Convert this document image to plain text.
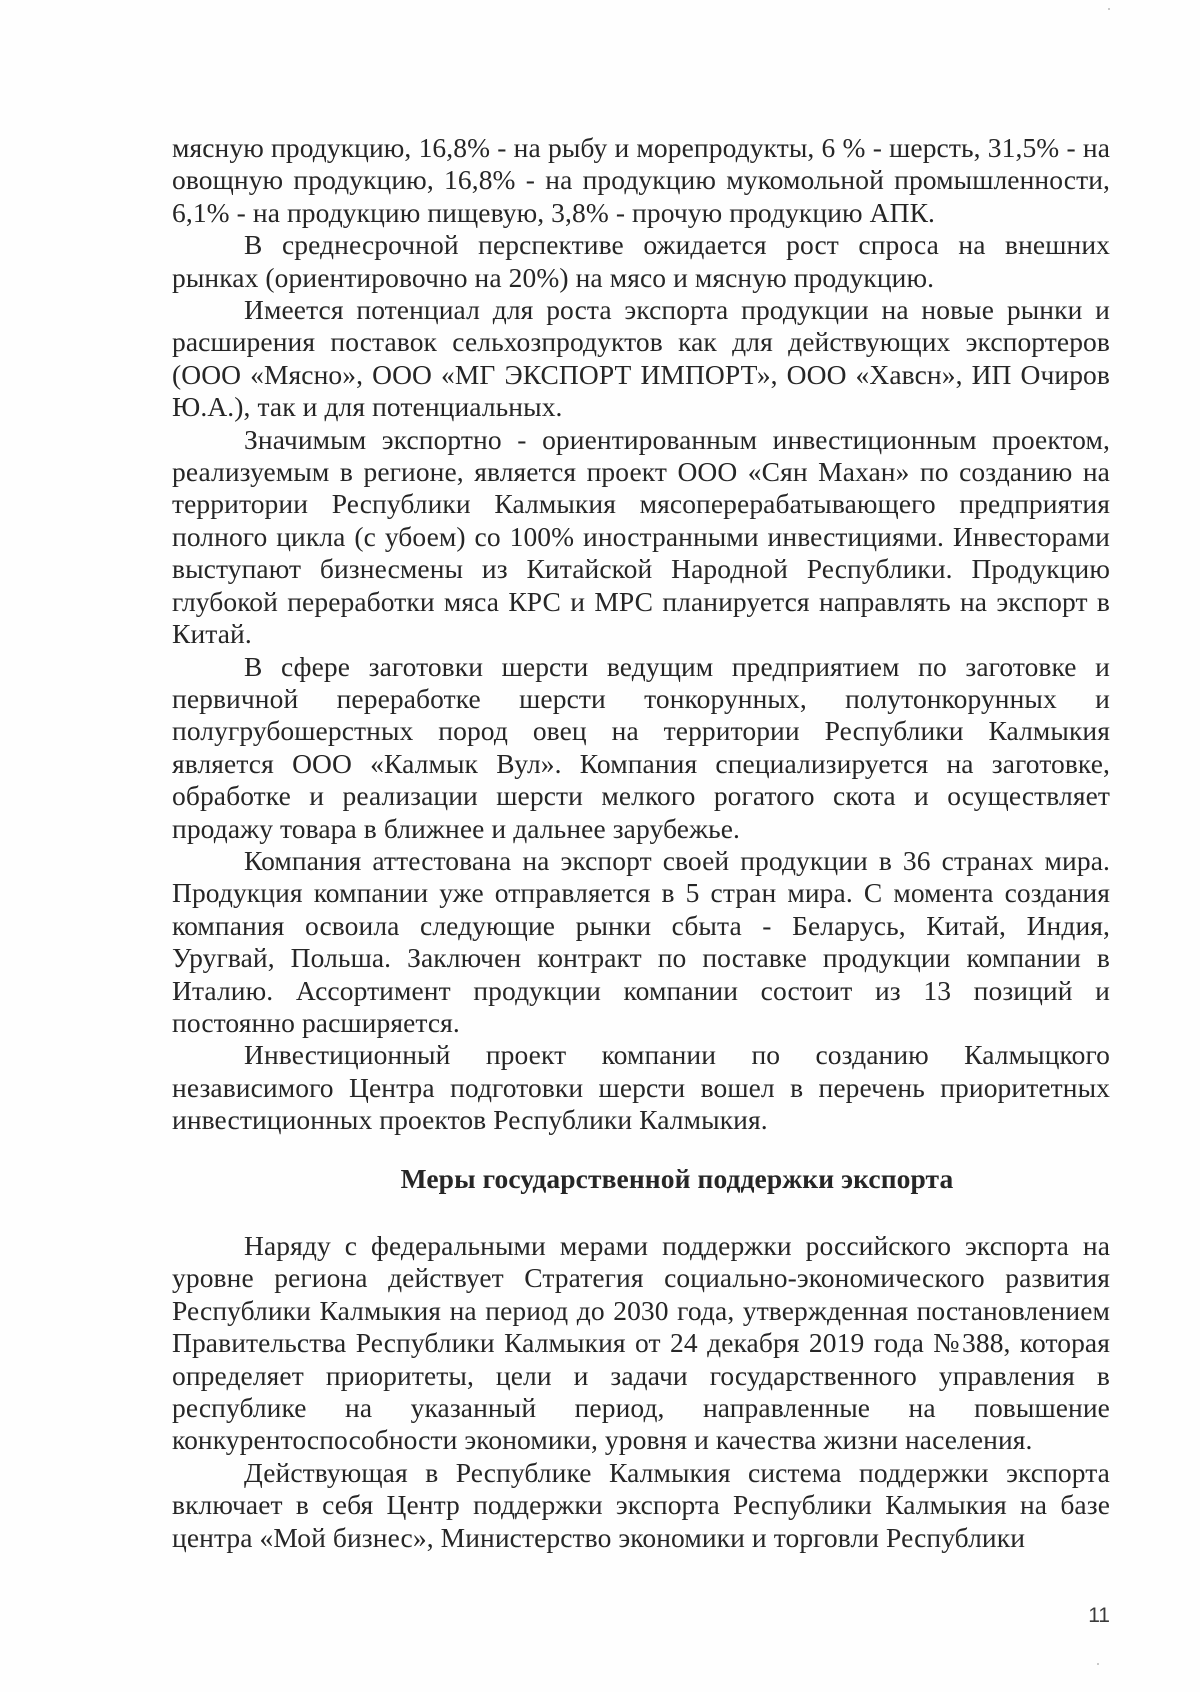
мясную продукцию, 16,8% - на рыбу и морепродукты, 6 % - шерсть, 31,5% - на овощную продукцию, 16,8% - на продукцию мукомольной промышленности, 6,1% - на продукцию пищевую, 3,8% - прочую продукцию АПК.

В среднесрочной перспективе ожидается рост спроса на внешних рынках (ориентировочно на 20%) на мясо и мясную продукцию.

Имеется потенциал для роста экспорта продукции на новые рынки и расширения поставок сельхозпродуктов как для действующих экспортеров (ООО «Мясно», ООО «МГ ЭКСПОРТ ИМПОРТ», ООО «Хавсн», ИП Очиров Ю.А.), так и для потенциальных.

Значимым экспортно - ориентированным инвестиционным проектом, реализуемым в регионе, является проект ООО «Сян Махан» по созданию на территории Республики Калмыкия мясоперерабатывающего предприятия полного цикла (с убоем) со 100% иностранными инвестициями. Инвесторами выступают бизнесмены из Китайской Народной Республики. Продукцию глубокой переработки мяса КРС и МРС планируется направлять на экспорт в Китай.

В сфере заготовки шерсти ведущим предприятием по заготовке и первичной переработке шерсти тонкорунных, полутонкорунных и полугрубошерстных пород овец на территории Республики Калмыкия является ООО «Калмык Вул». Компания специализируется на заготовке, обработке и реализации шерсти мелкого рогатого скота и осуществляет продажу товара в ближнее и дальнее зарубежье.

Компания аттестована на экспорт своей продукции в 36 странах мира. Продукция компании уже отправляется в 5 стран мира. С момента создания компания освоила следующие рынки сбыта - Беларусь, Китай, Индия, Уругвай, Польша. Заключен контракт по поставке продукции компании в Италию. Ассортимент продукции компании состоит из 13 позиций и постоянно расширяется.

Инвестиционный проект компании по созданию Калмыцкого независимого Центра подготовки шерсти вошел в перечень приоритетных инвестиционных проектов Республики Калмыкия.

Меры государственной поддержки экспорта

Наряду с федеральными мерами поддержки российского экспорта на уровне региона действует Стратегия социально-экономического развития Республики Калмыкия на период до 2030 года, утвержденная постановлением Правительства Республики Калмыкия от 24 декабря 2019 года №388, которая определяет приоритеты, цели и задачи государственного управления в республике на указанный период, направленные на повышение конкурентоспособности экономики, уровня и качества жизни населения.

Действующая в Республике Калмыкия система поддержки экспорта включает в себя Центр поддержки экспорта Республики Калмыкия на базе центра «Мой бизнес», Министерство экономики и торговли Республики

11
